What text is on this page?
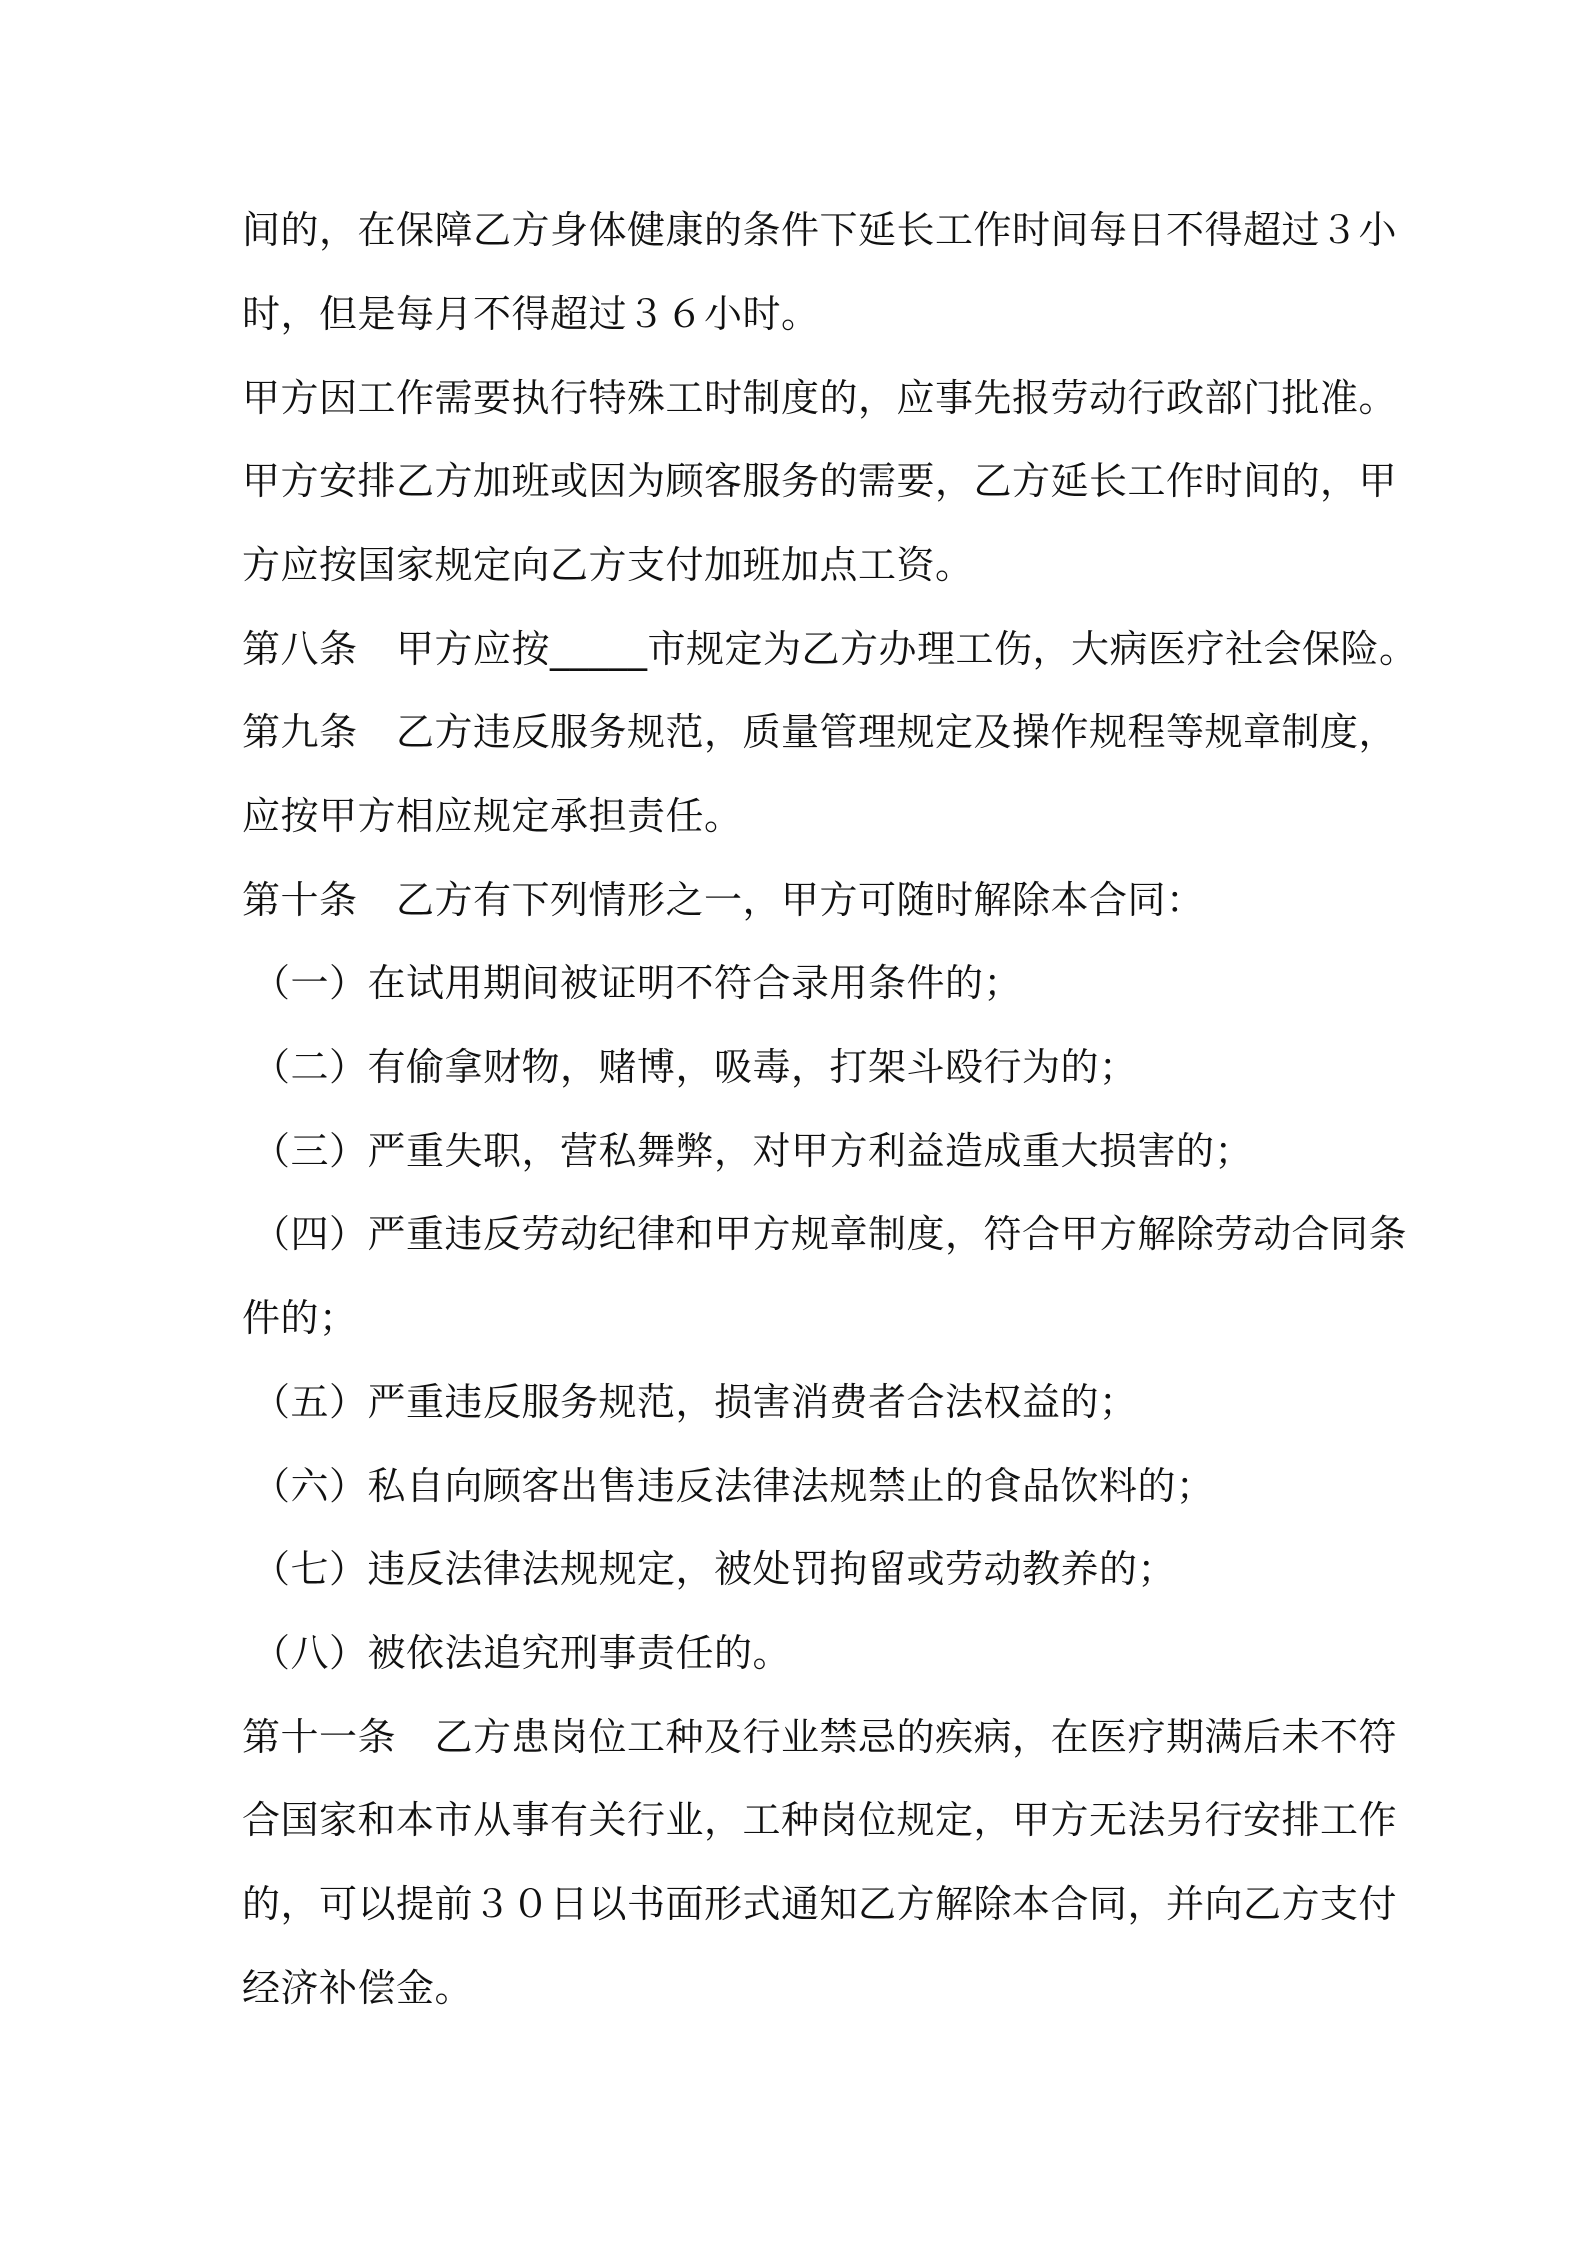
间的，在保障乙方身体健康的条件下延长工作时间每日不得超过３小
时，但是每月不得超过３６小时。
甲方因工作需要执行特殊工时制度的，应事先报劳动行政部门批准。
甲方安排乙方加班或因为顾客服务的需要，乙方延长工作时间的，甲
方应按国家规定向乙方支付加班加点工资。
第八条　甲方应按_____市规定为乙方办理工伤，大病医疗社会保险。
第九条　乙方违反服务规范，质量管理规定及操作规程等规章制度，
应按甲方相应规定承担责任。
第十条　乙方有下列情形之一，甲方可随时解除本合同：
（一）在试用期间被证明不符合录用条件的；
（二）有偷拿财物，赌博，吸毒，打架斗殴行为的；
（三）严重失职，营私舞弊，对甲方利益造成重大损害的；
（四）严重违反劳动纪律和甲方规章制度，符合甲方解除劳动合同条
件的；
（五）严重违反服务规范，损害消费者合法权益的；
（六）私自向顾客出售违反法律法规禁止的食品饮料的；
（七）违反法律法规规定，被处罚拘留或劳动教养的；
（八）被依法追究刑事责任的。
第十一条　乙方患岗位工种及行业禁忌的疾病，在医疗期满后未不符
合国家和本市从事有关行业，工种岗位规定，甲方无法另行安排工作
的，可以提前３０日以书面形式通知乙方解除本合同，并向乙方支付
经济补偿金。
